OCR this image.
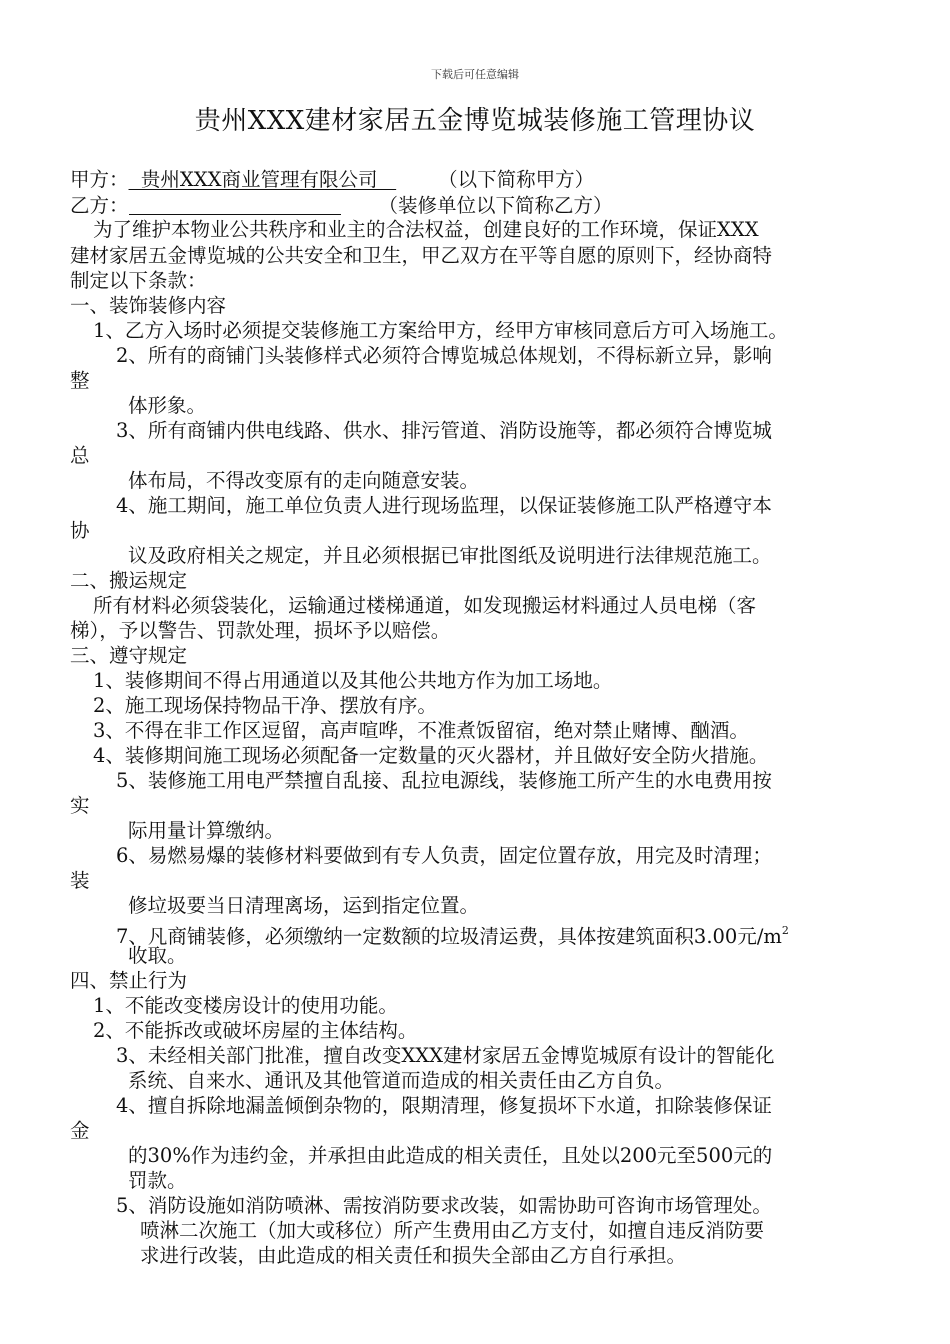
下载后可任意编辑
贵州XXX建材家居五金博览城装修施工管理协议
甲方：  贵州XXX商业管理有限公司   （以下简称甲方）
乙方：	（装修单位以下简称乙方）
为了维护本物业公共秩序和业主的合法权益，创建良好的工作环境，保证XXX
建材家居五金博览城的公共安全和卫生，甲乙双方在平等自愿的原则下，经协商特
制定以下条款：
一、装饰装修内容
1、乙方入场时必须提交装修施工方案给甲方，经甲方审核同意后方可入场施工。
2、所有的商铺门头装修样式必须符合博览城总体规划，不得标新立异，影响
整
体形象。
3、所有商铺内供电线路、供水、排污管道、消防设施等，都必须符合博览城
总
体布局，不得改变原有的走向随意安装。
4、施工期间，施工单位负责人进行现场监理，以保证装修施工队严格遵守本
协
议及政府相关之规定，并且必须根据已审批图纸及说明进行法律规范施工。
二、搬运规定
所有材料必须袋装化，运输通过楼梯通道，如发现搬运材料通过人员电梯（客
梯），予以警告、罚款处理，损坏予以赔偿。
三、遵守规定
1、装修期间不得占用通道以及其他公共地方作为加工场地。
2、施工现场保持物品干净、摆放有序。
3、不得在非工作区逗留，高声喧哗，不准煮饭留宿，绝对禁止赌博、酗酒。
4、装修期间施工现场必须配备一定数量的灭火器材，并且做好安全防火措施。
5、装修施工用电严禁擅自乱接、乱拉电源线，装修施工所产生的水电费用按
实
际用量计算缴纳。
6、易燃易爆的装修材料要做到有专人负责，固定位置存放，用完及时清理；
装
修垃圾要当日清理离场，运到指定位置。
7、凡商铺装修，必须缴纳一定数额的垃圾清运费，具体按建筑面积3.00元$/m^2$
收取。
四、禁止行为
1、不能改变楼房设计的使用功能。
2、不能拆改或破坏房屋的主体结构。
3、未经相关部门批准，擅自改变XXX建材家居五金博览城原有设计的智能化
系统、自来水、通讯及其他管道而造成的相关责任由乙方自负。
4、擅自拆除地漏盖倾倒杂物的，限期清理，修复损坏下水道，扣除装修保证
金
的30%作为违约金，并承担由此造成的相关责任，且处以200元至500元的
罚款。
5、消防设施如消防喷淋、需按消防要求改装，如需协助可咨询市场管理处。
喷淋二次施工（加大或移位）所产生费用由乙方支付，如擅自违反消防要
求进行改装，由此造成的相关责任和损失全部由乙方自行承担。
